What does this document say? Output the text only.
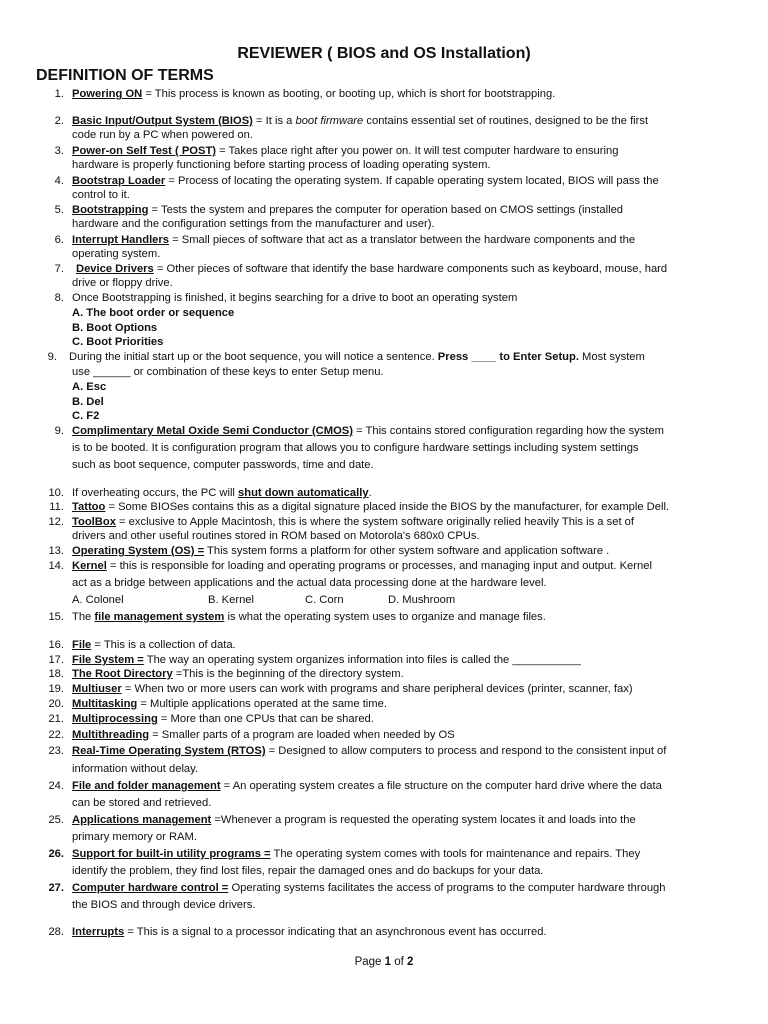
REVIEWER ( BIOS and OS Installation)
DEFINITION OF TERMS
1. Powering ON = This process is known as booting, or booting up, which is short for bootstrapping.
2. Basic Input/Output System (BIOS) = It is a boot firmware contains essential set of routines, designed to be the first
code run by a PC when powered on.
3. Power-on Self Test ( POST) = Takes place right after you power on. It will test computer hardware to ensuring
hardware is properly functioning before starting process of loading operating system.
4. Bootstrap Loader = Process of locating the operating system. If capable operating system located, BIOS will pass the
control to it.
5. Bootstrapping = Tests the system and prepares the computer for operation based on CMOS settings (installed
hardware and the configuration settings from the manufacturer and user).
6. Interrupt Handlers = Small pieces of software that act as a translator between the hardware components and the
operating system.
7. Device Drivers = Other pieces of software that identify the base hardware components such as keyboard, mouse, hard
drive or floppy drive.
8. Once Bootstrapping is finished, it begins searching for a drive to boot an operating system
A. The boot order or sequence
B. Boot Options
C. Boot Priorities
9. During the initial start up or the boot sequence, you will notice a sentence. Press ____ to Enter Setup. Most system
use ______ or combination of these keys to enter Setup menu.
A. Esc
B. Del
C. F2
9. Complimentary Metal Oxide Semi Conductor (CMOS) = This contains stored configuration regarding how the system
is to be booted. It is configuration program that allows you to configure hardware settings including system settings
such as boot sequence, computer passwords, time and date.
10. If overheating occurs, the PC will shut down automatically.
11. Tattoo = Some BIOSes contains this as a digital signature placed inside the BIOS by the manufacturer, for example Dell.
12. ToolBox = exclusive to Apple Macintosh, this is where the system software originally relied heavily This is a set of
drivers and other useful routines stored in ROM based on Motorola's 680x0 CPUs.
13. Operating System (OS) = This system forms a platform for other system software and application software .
14. Kernel = this is responsible for loading and operating programs or processes, and managing input and output. Kernel
act as a bridge between applications and the actual data processing done at the hardware level.
A. Colonel	B. Kernel	C. Corn	D. Mushroom
15. The file management system is what the operating system uses to organize and manage files.
16. File = This is a collection of data.
17. File System = The way an operating system organizes information into files is called the ___________
18. The Root Directory =This is the beginning of the directory system.
19. Multiuser = When two or more users can work with programs and share peripheral devices (printer, scanner, fax)
20. Multitasking = Multiple applications operated at the same time.
21. Multiprocessing = More than one CPUs that can be shared.
22. Multithreading = Smaller parts of a program are loaded when needed by OS
23. Real-Time Operating System (RTOS) = Designed to allow computers to process and respond to the consistent input of
information without delay.
24. File and folder management = An operating system creates a file structure on the computer hard drive where the data
can be stored and retrieved.
25. Applications management =Whenever a program is requested the operating system locates it and loads into the
primary memory or RAM.
26. Support for built-in utility programs = The operating system comes with tools for maintenance and repairs. They
identify the problem, they find lost files, repair the damaged ones and do backups for your data.
27. Computer hardware control = Operating systems facilitates the access of programs to the computer hardware through
the BIOS and through device drivers.
28. Interrupts = This is a signal to a processor indicating that an asynchronous event has occurred.
Page 1 of 2
